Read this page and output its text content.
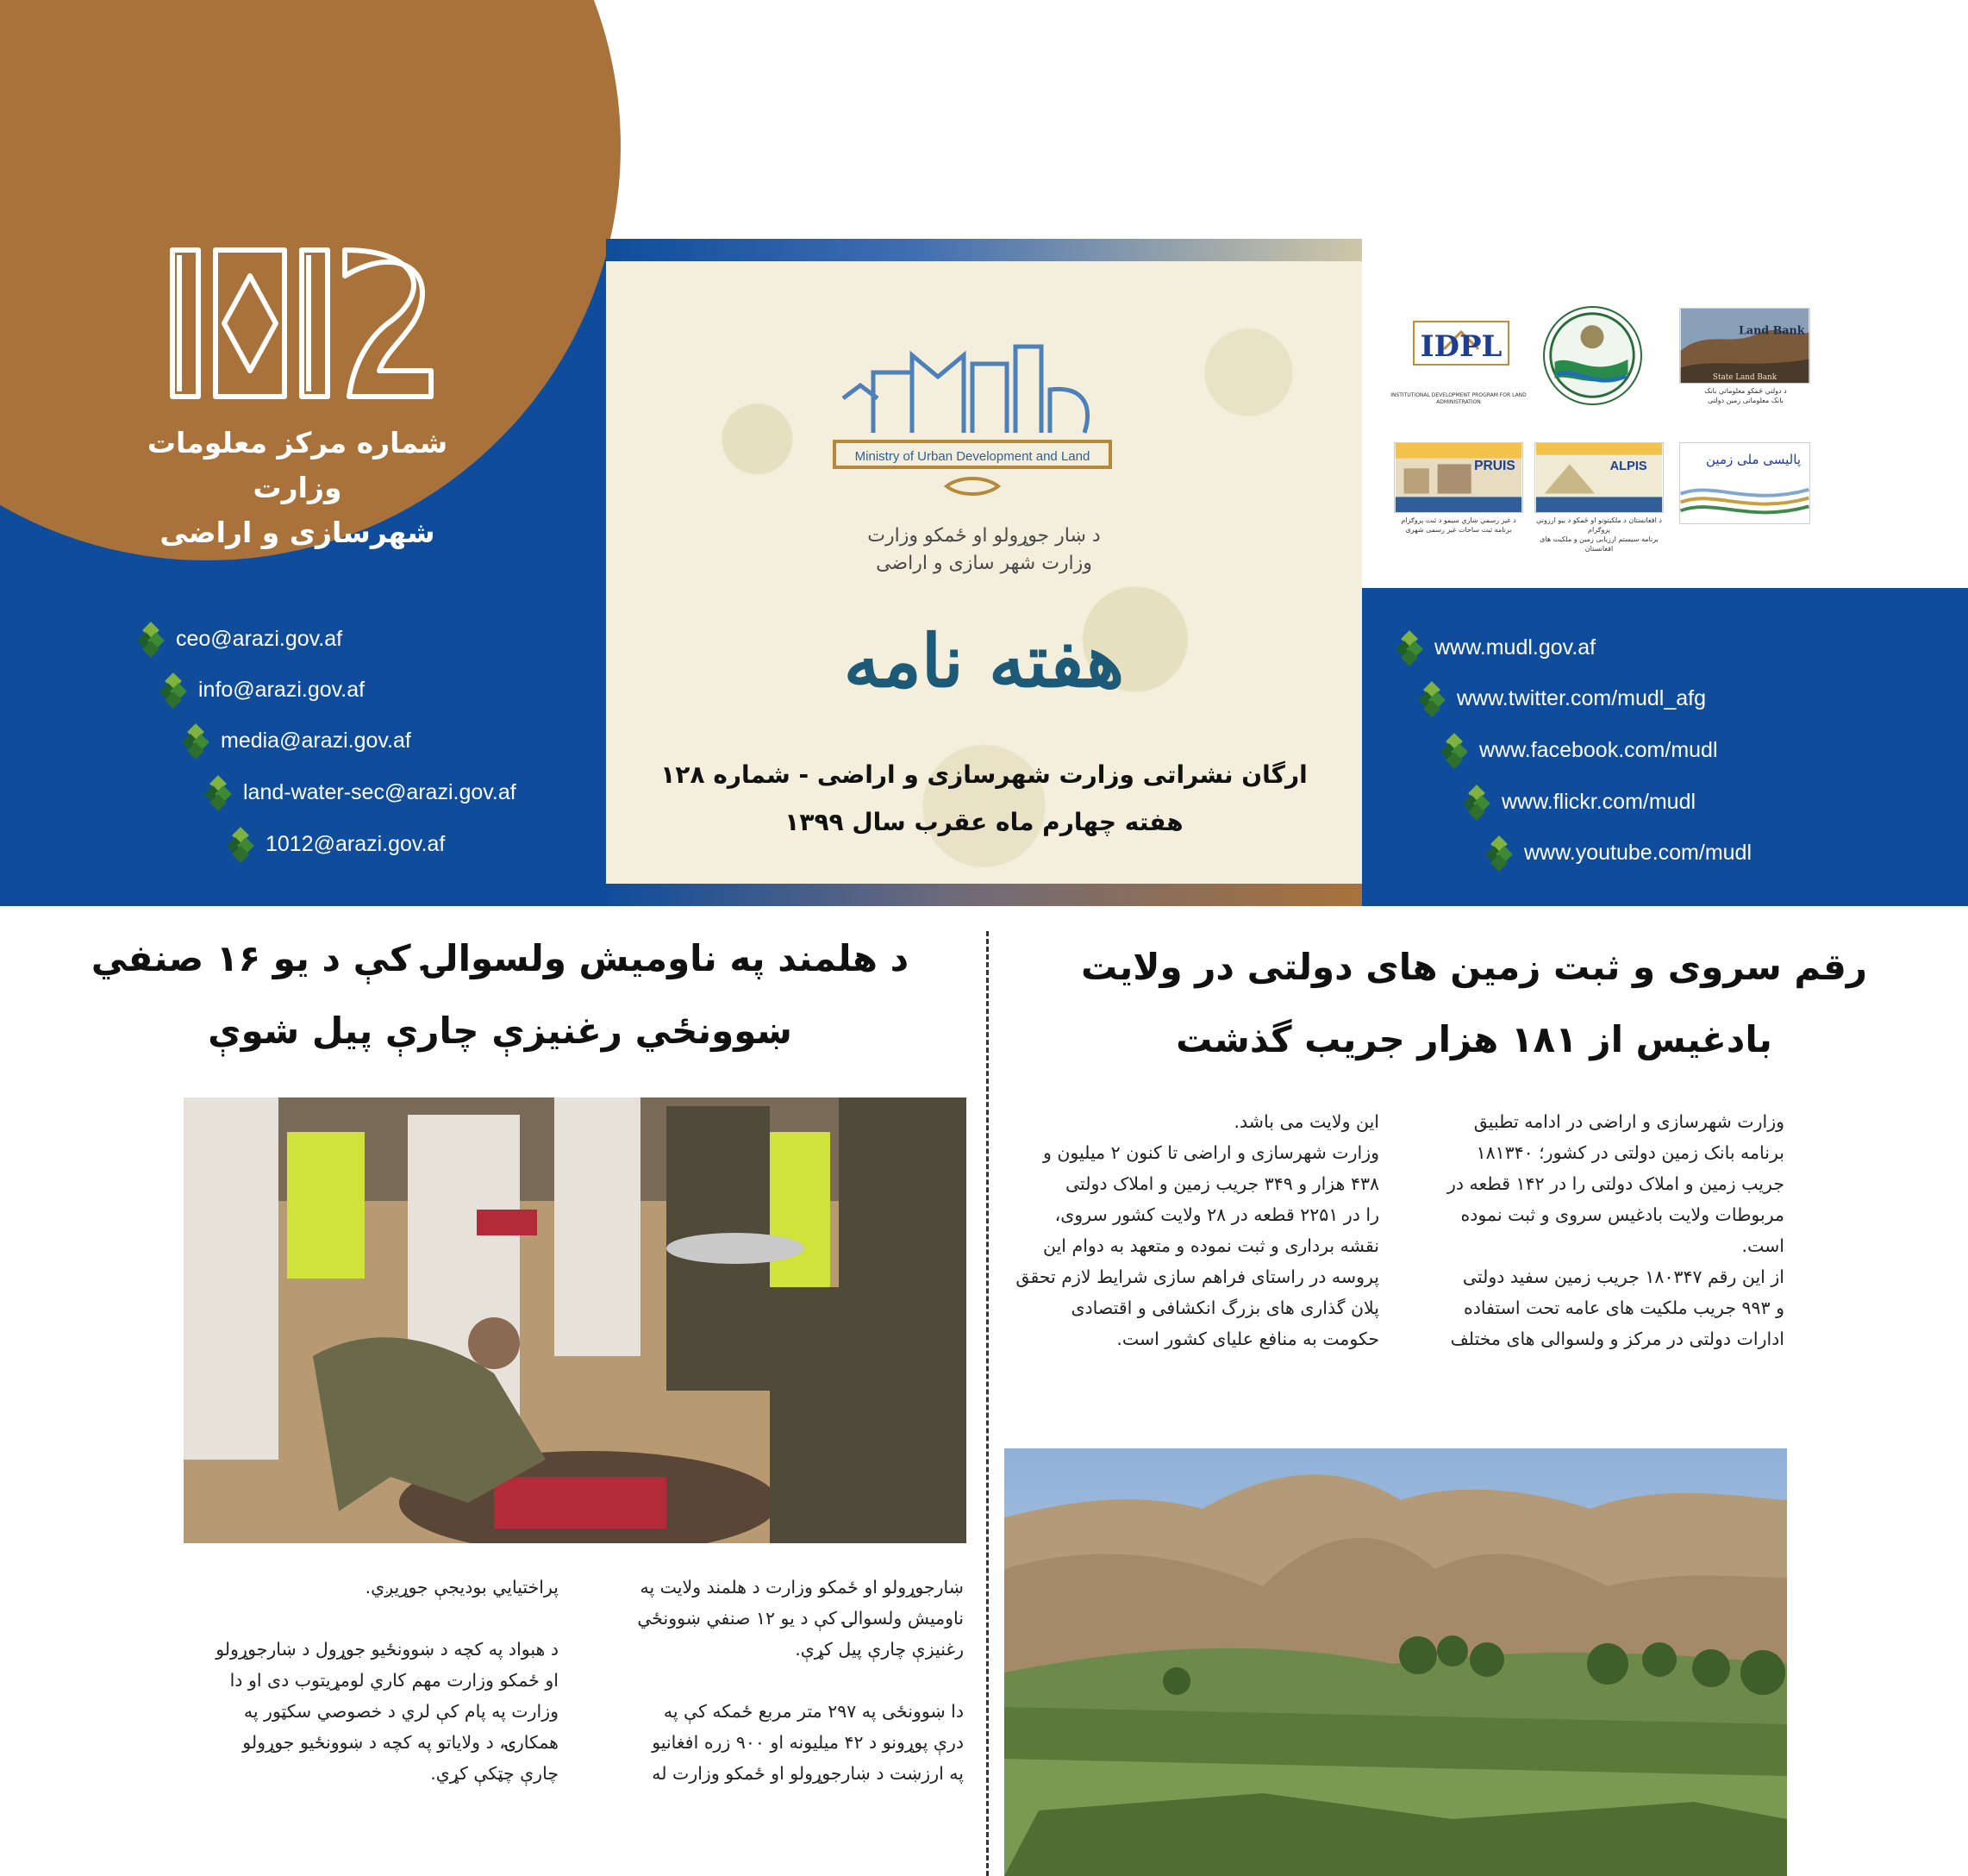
شماره مرکز معلومات وزارت
شهرسازی و اراضی
ceo@arazi.gov.af
info@arazi.gov.af
media@arazi.gov.af
land-water-sec@arazi.gov.af
1012@arazi.gov.af
www.mudl.gov.af
www.twitter.com/mudl_afg
www.facebook.com/mudl
www.flickr.com/mudl
www.youtube.com/mudl
Ministry of Urban Development and Land
د ښار جوړولو او ځمکو وزارت
وزارت شهر سازی و اراضی
هفته نامه
ارگان نشراتی وزارت شهرسازی و اراضی - شماره ۱۲۸
هفته چهارم ماه عقرب سال ۱۳۹۹
IDPL
INSTITUTIONAL DEVELOPMENT PROGRAM FOR LAND ADMINISTRATION
Land Bank
State Land Bank
د دولتي ځمکو معلوماتي بانک
بانک معلوماتی زمین دولتی
PRUIS
د غیر رسمي ښاري سیمو د ثبت پروګرام
برنامه ثبت ساحات غیر رسمی شهری
ALPIS
د افغانستان د ملکیتونو او ځمکو د بیو ارزونې پروګرام
برنامه سیستم ارزیابی زمین و ملکیت های افغانستان
پالیسی ملی زمین
رقم سروی و ثبت زمین های دولتی در ولایت
بادغیس از ۱۸۱ هزار جریب گذشت
وزارت شهرسازی و اراضی در ادامه تطبیق
برنامه بانک زمین دولتی در کشور؛ ۱۸۱۳۴۰
جریب زمین و املاک دولتی را در ۱۴۲ قطعه در
مربوطات ولایت بادغیس سروی و ثبت نموده
است.
از این رقم ۱۸۰۳۴۷ جریب زمین سفید دولتی
و ۹۹۳ جریب ملکیت های عامه تحت استفاده
ادارات دولتی در مرکز و ولسوالی های مختلف
این ولایت می باشد.
وزارت شهرسازی و اراضی تا کنون ۲ میلیون و
۴۳۸ هزار و ۳۴۹ جریب زمین و املاک دولتی
را در ۲۲۵۱ قطعه در ۲۸ ولایت کشور سروی،
نقشه برداری و ثبت نموده و متعهد به دوام این
پروسه در راستای فراهم سازی شرایط لازم تحقق
پلان گذاری های بزرگ انکشافی و اقتصادی
حکومت به منافع علیای کشور است.
د هلمند په ناومیش ولسوالۍ کې د یو ۱۶ صنفي
ښوونځي رغنیزې چارې پیل شوې
ښارجوړولو او ځمکو وزارت د هلمند ولایت په
ناومیش ولسوالۍ کې د یو ۱۲ صنفي ښوونځي
رغنیزې چارې پیل کړې.

دا ښوونځی په ۲۹۷ متر مربع ځمکه کې په
درې پوړونو د ۴۲ میلیونه او ۹۰۰ زره افغانیو
په ارزښت د ښارجوړولو او ځمکو وزارت له
پراختیایي بودیجې جوړیږي.

د هبواد په کچه د ښوونځیو جوړول د ښارجوړولو
او ځمکو وزارت مهم کاري لومړیتوب دی او دا
وزارت په پام کې لري د خصوصي سکټور په
همکارۍ، د ولایاتو په کچه د ښوونځیو جوړولو
چارې چټکې کړي.
